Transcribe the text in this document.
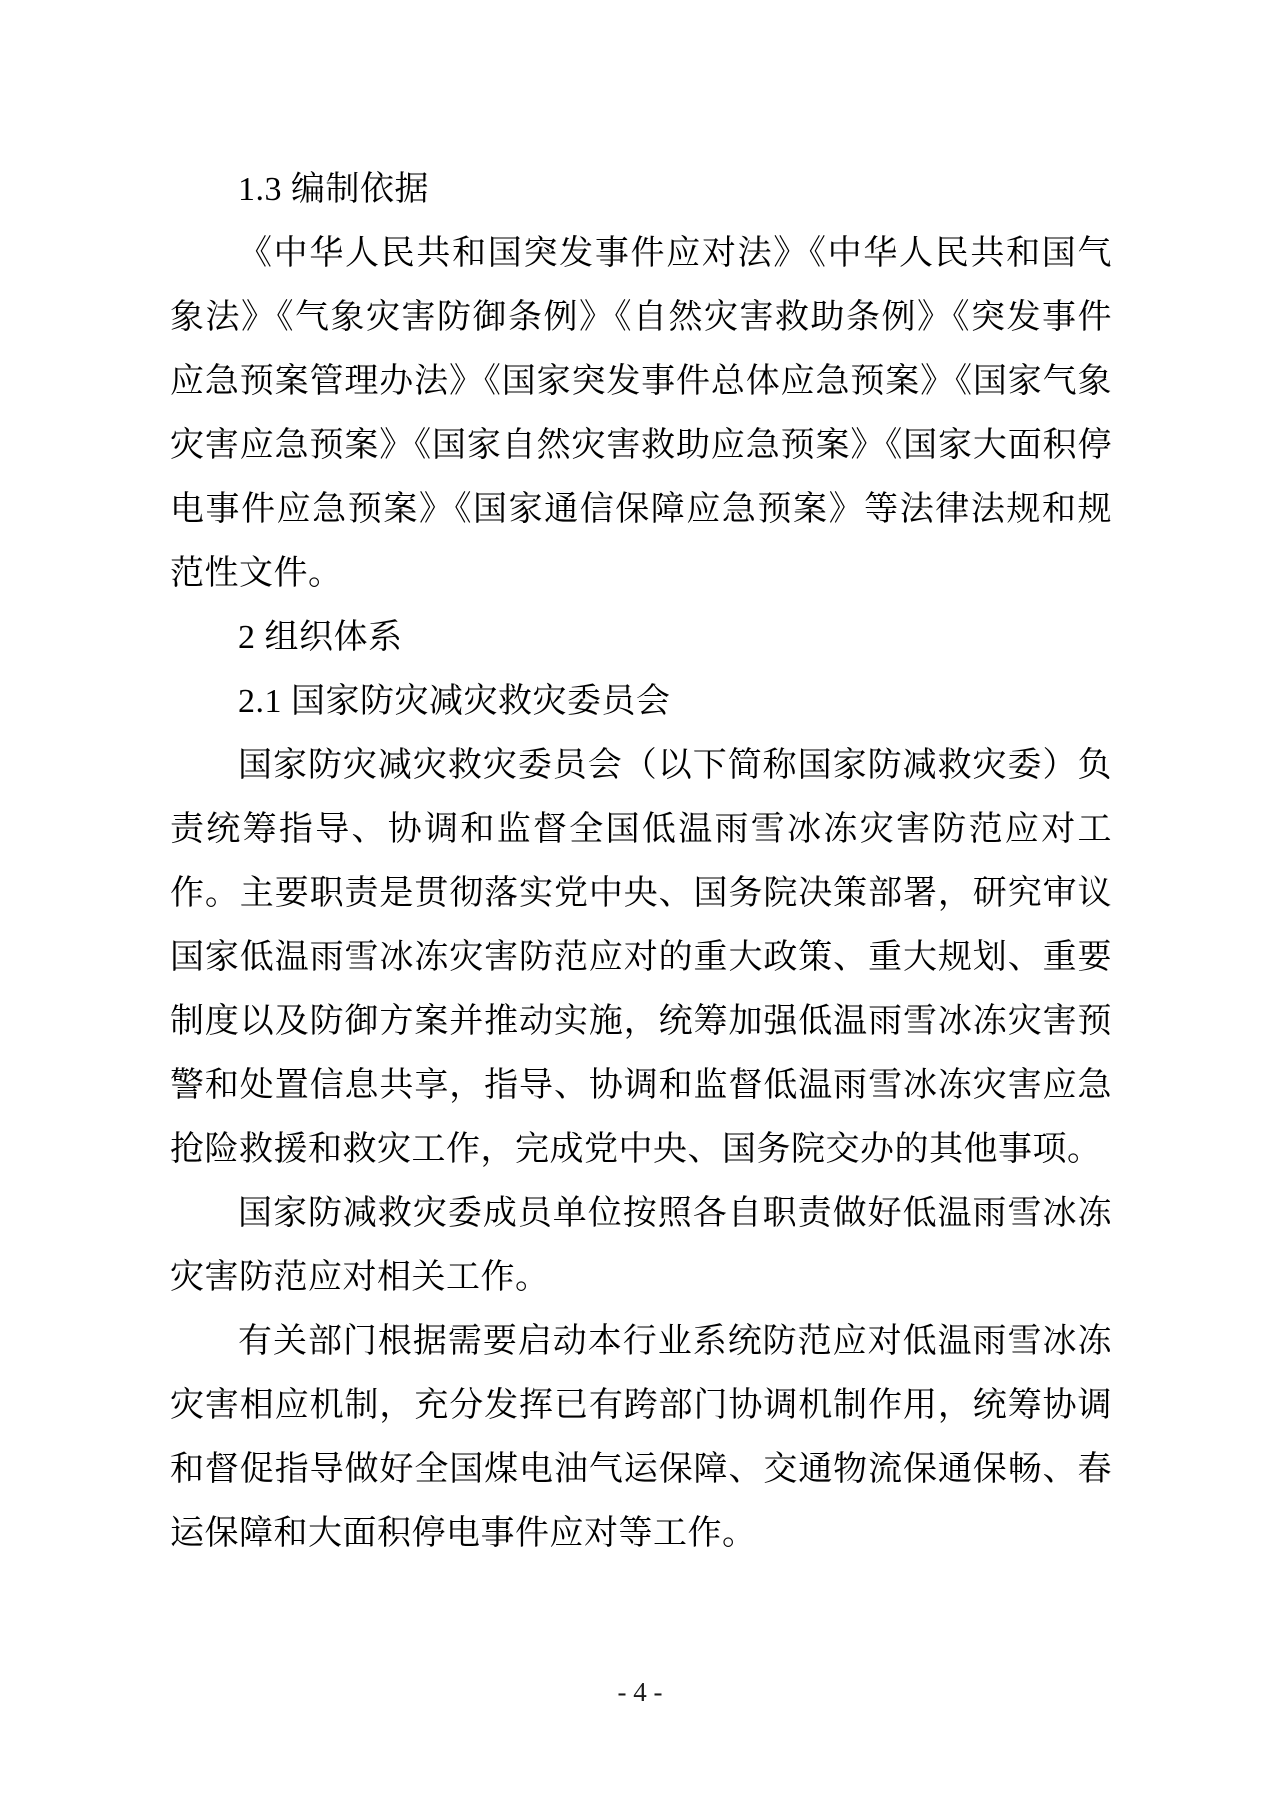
1.3 编制依据

《中华人民共和国突发事件应对法》《中华人民共和国气象法》《气象灾害防御条例》《自然灾害救助条例》《突发事件应急预案管理办法》《国家突发事件总体应急预案》《国家气象灾害应急预案》《国家自然灾害救助应急预案》《国家大面积停电事件应急预案》《国家通信保障应急预案》等法律法规和规范性文件。

2 组织体系

2.1 国家防灾减灾救灾委员会

国家防灾减灾救灾委员会（以下简称国家防减救灾委）负责统筹指导、协调和监督全国低温雨雪冰冻灾害防范应对工作。主要职责是贯彻落实党中央、国务院决策部署，研究审议国家低温雨雪冰冻灾害防范应对的重大政策、重大规划、重要制度以及防御方案并推动实施，统筹加强低温雨雪冰冻灾害预警和处置信息共享，指导、协调和监督低温雨雪冰冻灾害应急抢险救援和救灾工作，完成党中央、国务院交办的其他事项。

国家防减救灾委成员单位按照各自职责做好低温雨雪冰冻灾害防范应对相关工作。

有关部门根据需要启动本行业系统防范应对低温雨雪冰冻灾害相应机制，充分发挥已有跨部门协调机制作用，统筹协调和督促指导做好全国煤电油气运保障、交通物流保通保畅、春运保障和大面积停电事件应对等工作。

- 4 -
